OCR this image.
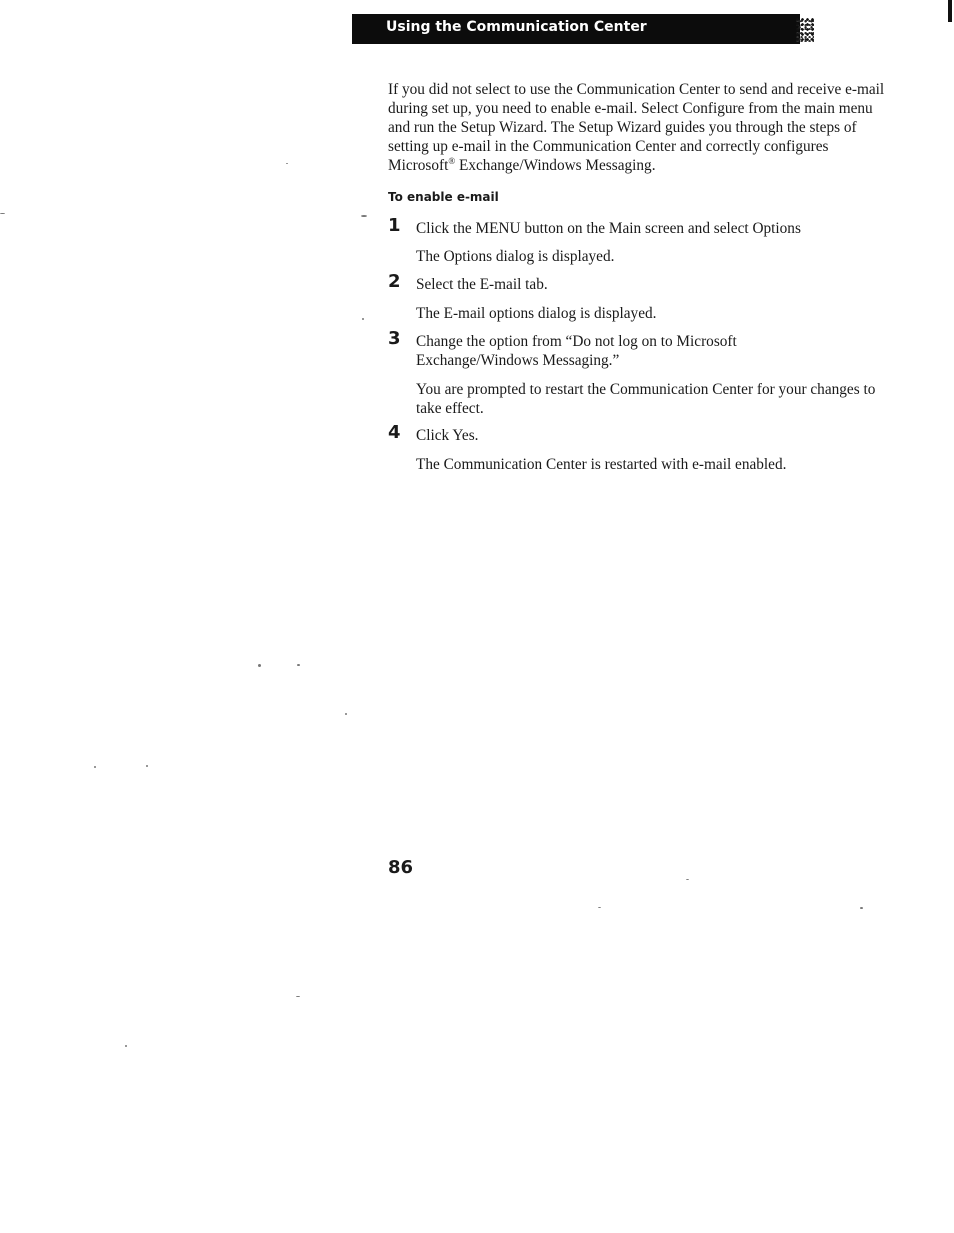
Using the Communication Center

If you did not select to use the Communication Center to send and receive e-mail during set up, you need to enable e-mail. Select Configure from the main menu and run the Setup Wizard. The Setup Wizard guides you through the steps of setting up e-mail in the Communication Center and correctly configures Microsoft® Exchange/Windows Messaging.

To enable e-mail
1 Click the MENU button on the Main screen and select Options

The Options dialog is displayed.

2 Select the E-mail tab.

The E-mail options dialog is displayed.

3 Change the option from “Do not log on to Microsoft Exchange/Windows Messaging.”

You are prompted to restart the Communication Center for your changes to take effect.

4 Click Yes.

The Communication Center is restarted with e-mail enabled.

86
